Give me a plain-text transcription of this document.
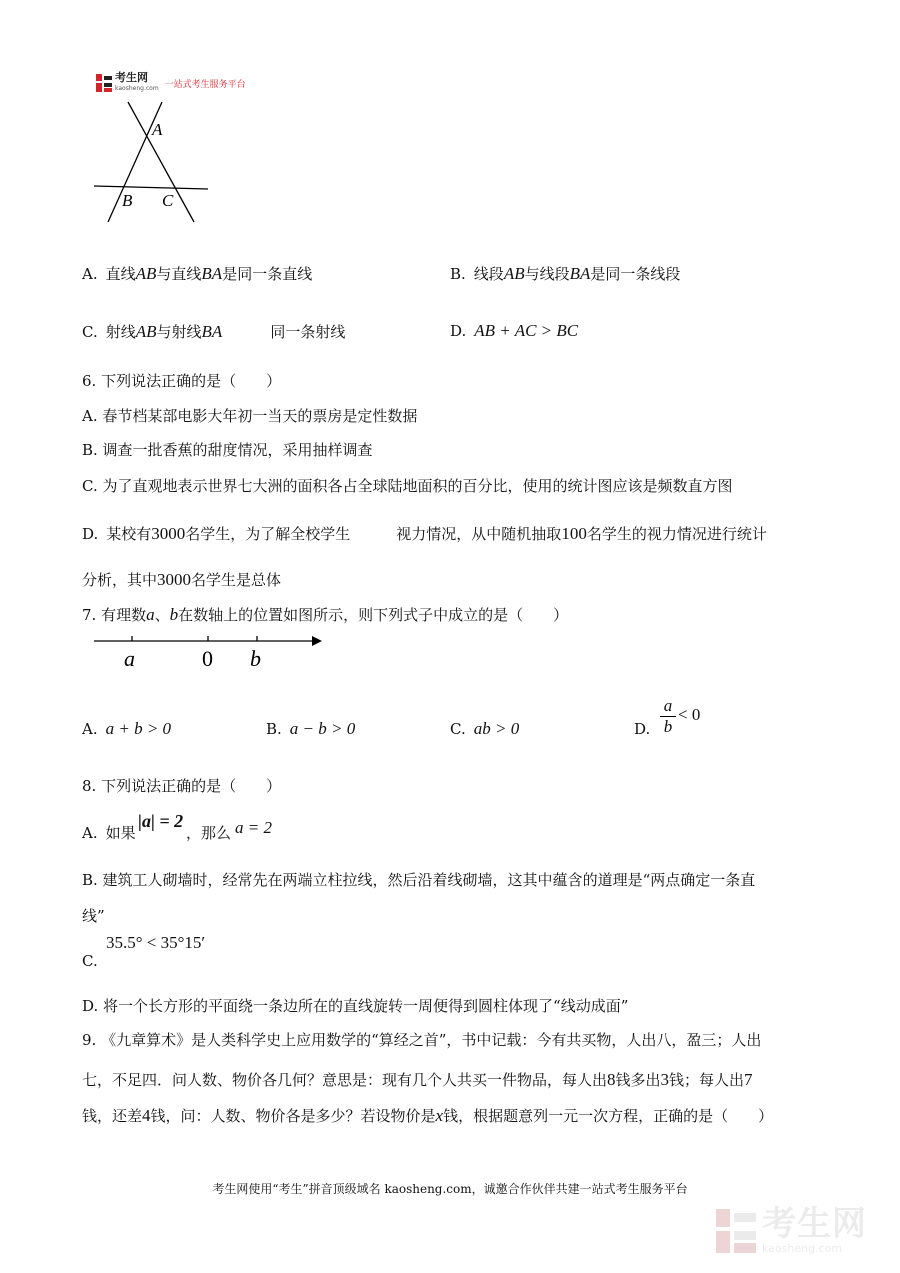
考生网
kaosheng.com 一站式考生服务平台
A
B C
A. 直线AB与直线BA是同一条直线	B. 线段AB与线段BA是同一条线段
C. 射线AB与射线BA	同一条射线	D. AB + AC > BC
6. 下列说法正确的是（　　）
A. 春节档某部电影大年初一当天的票房是定性数据
B. 调查一批香蕉的甜度情况，采用抽样调查
C. 为了直观地表示世界七大洲的面积各占全球陆地面积的百分比，使用的统计图应该是频数直方图
D. 某校有3000名学生，为了解全校学生	视力情况，从中随机抽取100名学生的视力情况进行统计
分析，其中3000名学生是总体
7. 有理数a、b在数轴上的位置如图所示，则下列式子中成立的是（　　）
a	0 b
A. a + b > 0	B. a − b > 0	C. ab > 0	D.
a
b
< 0
8. 下列说法正确的是（　　）
A. 如果
|a| = 2
，那么 a = 2
B. 建筑工人砌墙时，经常先在两端立柱拉线，然后沿着线砌墙，这其中蕴含的道理是“两点确定一条直
线”
35.5° < 35°15′
C.
D. 将一个长方形的平面绕一条边所在的直线旋转一周便得到圆柱体现了“线动成面”
9. 《九章算术》是人类科学史上应用数学的“算经之首”，书中记载：今有共买物，人出八，盈三；人出
七，不足四．问人数、物价各几何？意思是：现有几个人共买一件物品，每人出8钱多出3钱；每人出7
钱，还差4钱，问：人数、物价各是多少？若设物价是x钱，根据题意列一元一次方程，正确的是（　　）
考生网使用“考生”拼音顶级域名 kaosheng.com，诚邀合作伙伴共建一站式考生服务平台
考生网
kaosheng.com
